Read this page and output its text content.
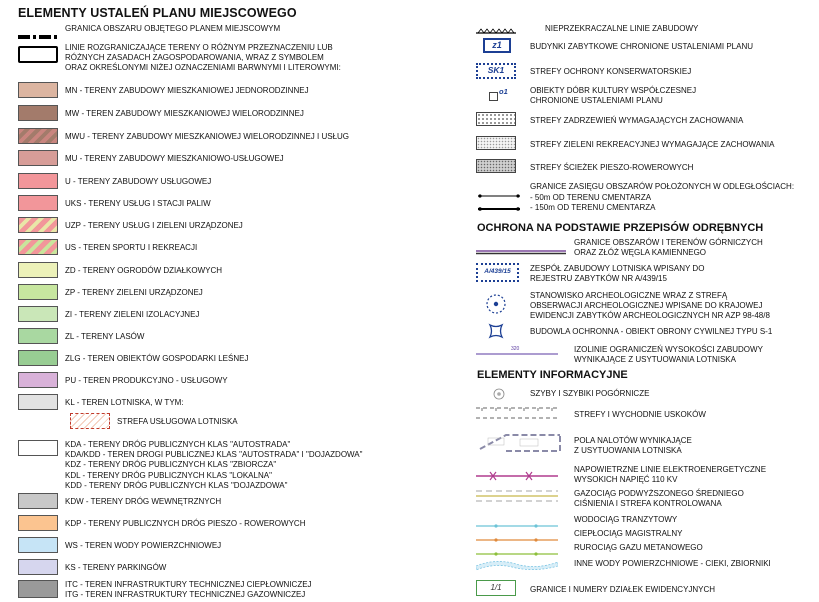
ELEMENTY USTALEŃ PLANU MIEJSCOWEGO
GRANICA OBSZARU OBJĘTEGO PLANEM MIEJSCOWYM
LINIE ROZGRANICZAJĄCE TERENY O RÓŻNYM PRZEZNACZENIU LUB
RÓŻNYCH ZASADACH ZAGOSPODAROWANIA, WRAZ Z SYMBOLEM
ORAZ OKREŚLONYMI NIŻEJ OZNACZENIAMI BARWNYMI I LITEROWYMI:
MN - TERENY ZABUDOWY MIESZKANIOWEJ JEDNORODZINNEJ
MW - TEREN ZABUDOWY MIESZKANIOWEJ WIELORODZINNEJ
MWU - TERENY ZABUDOWY MIESZKANIOWEJ WIELORODZINNEJ I USŁUG
MU - TERENY ZABUDOWY MIESZKANIOWO-USŁUGOWEJ
U - TERENY ZABUDOWY USŁUGOWEJ
UKS - TERENY USŁUG I STACJI PALIW
UZP - TERENY USŁUG I ZIELENI URZĄDZONEJ
US - TEREN SPORTU I REKREACJI
ZD - TERENY OGRODÓW DZIAŁKOWYCH
ZP - TERENY ZIELENI URZĄDZONEJ
ZI - TERENY ZIELENI IZOLACYJNEJ
ZL - TERENY LASÓW
ZLG - TEREN OBIEKTÓW GOSPODARKI LEŚNEJ
PU - TEREN PRODUKCYJNO - USŁUGOWY
KL - TEREN LOTNISKA, W TYM:
STREFA USŁUGOWA LOTNISKA
KDA - TERENY DRÓG PUBLICZNYCH KLAS "AUTOSTRADA"
KDA/KDD - TEREN DROGI PUBLICZNEJ KLAS "AUTOSTRADA" I "DOJAZDOWA"
KDZ - TERENY DRÓG PUBLICZNYCH KLAS "ZBIORCZA"
KDL - TERENY DRÓG PUBLICZNYCH KLAS "LOKALNA"
KDD - TERENY DRÓG PUBLICZNYCH KLAS "DOJAZDOWA"
KDW - TERENY DRÓG WEWNĘTRZNYCH
KDP - TERENY PUBLICZNYCH DRÓG PIESZO - ROWEROWYCH
WS - TEREN WODY POWIERZCHNIOWEJ
KS - TERENY PARKINGÓW
ITC - TEREN INFRASTRUKTURY TECHNICZNEJ CIEPŁOWNICZEJ
ITG - TEREN INFRASTRUKTURY TECHNICZNEJ GAZOWNICZEJ
NIEPRZEKRACZALNE LINIE ZABUDOWY
z1	BUDYNKI ZABYTKOWE CHRONIONE USTALENIAMI PLANU
SK1	STREFY OCHRONY KONSERWATORSKIEJ
o1	OBIEKTY DÓBR KULTURY WSPÓŁCZESNEJ
CHRONIONE USTALENIAMI PLANU
STREFY ZADRZEWIEŃ WYMAGAJĄCYCH ZACHOWANIA
STREFY ZIELENI REKREACYJNEJ WYMAGAJĄCE ZACHOWANIA
STREFY ŚCIEŻEK PIESZO-ROWEROWYCH
GRANICE ZASIĘGU OBSZARÓW POŁOŻONYCH W ODLEGŁOŚCIACH:
- 50m OD TERENU CMENTARZA
- 150m OD TERENU CMENTARZA
OCHRONA NA PODSTAWIE PRZEPISÓW ODRĘBNYCH
GRANICE OBSZARÓW I TERENÓW GÓRNICZYCH
ORAZ ZŁÓŻ WĘGLA KAMIENNEGO
A/439/15	ZESPÓŁ ZABUDOWY LOTNISKA WPISANY DO
REJESTRU ZABYTKÓW NR A/439/15
STANOWISKO ARCHEOLOGICZNE WRAZ Z STREFĄ
OBSERWACJI ARCHEOLOGICZNEJ WPISANE DO KRAJOWEJ
EWIDENCJI ZABYTKÓW ARCHEOLOGICZNYCH NR AZP 98-48/8
BUDOWLA OCHRONNA - OBIEKT OBRONY CYWILNEJ TYPU S-1
320	IZOLINIE OGRANICZEŃ WYSOKOŚCI ZABUDOWY
WYNIKAJĄCE Z USYTUOWANIA LOTNISKA
ELEMENTY INFORMACYJNE
SZYBY I SZYBIKI POGÓRNICZE
STREFY I WYCHODNIE USKOKÓW
POLA NALOTÓW WYNIKAJĄCE
Z USYTUOWANIA LOTNISKA
NAPOWIETRZNE LINIE ELEKTROENERGETYCZNE
WYSOKICH NAPIĘĆ 110 KV
GAZOCIĄG PODWYŻSZONEGO ŚREDNIEGO
CIŚNIENIA I STREFA KONTROLOWANA
WODOCIĄG TRANZYTOWY
CIEPŁOCIĄG MAGISTRALNY
RUROCIĄG GAZU METANOWEGO
INNE WODY POWIERZCHNIOWE - CIEKI, ZBIORNIKI
1/1	GRANICE I NUMERY DZIAŁEK EWIDENCYJNYCH
